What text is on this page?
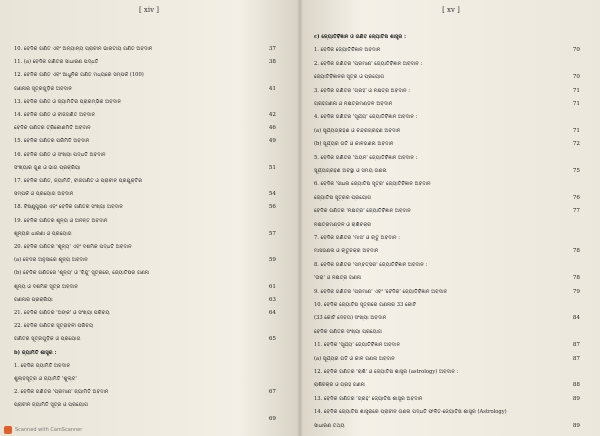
[ xiv ]
10. ବେଦିକ ଗଣିତ ଏବଂ ଅନ୍ୟାନ୍ୟ ପ୍ରାଚୀନ ଭାରତୀୟ ଗଣିତ ଅବଦାନ	37
11. (a) ବେଦିକ ଗଣିତର ସାଧାରଣ ପଦ୍ଧତି	38
12. ବେଦିକ ଗଣିତ ଏବଂ ଆଧୁନିକ ଗଣିତ ମଧ୍ୟରେ ସମ୍ପର୍କ (100)
ଗଣନାର ସୂତ୍ରଗୁଡ଼ିକ ଅବଦାନ	41
13. ବେଦିକ ଗଣିତ ଓ ଜ୍ୟାମିତିର ପ୍ରାରମ୍ଭିକ ଅବଦାନ
14. ବେଦିକ ଗଣିତ ଓ ବୀଜଗଣିତ ଅବଦାନ	42
ବେଦିକ ଗଣିତର ତ୍ରିକୋଣମିତି ଅବଦାନ	46
15. ବେଦିକ ଗଣିତର ପରିମିତି ଅବଦାନ	49
16. ବେଦିକ ଗଣିତ ଓ ସଂଖ୍ୟା ପଦ୍ଧତି ଅବଦାନ
ସଂଖ୍ୟାର ଗୁଣ ଓ ଭାଗ ପ୍ରକ୍ରିୟା	51
17. ବେଦିକ ଗଣିତ, ଜ୍ୟାମିତି, ବୀଜଗଣିତ ଓ ପ୍ରାଚୀନ ପ୍ରଯୁକ୍ତିର
ସମ୍ପର୍କ ଓ ପ୍ରୟୋଗ ଅବଦାନ	54
18. ବିଷ୍ଣୁପୁରାଣ ଏବଂ ବେଦିକ ଗଣିତର ସଂଖ୍ୟା ଅବଦାନ	56
19. ବେଦିକ ଗଣିତର ଶୂନ୍ୟ ଓ ଅନନ୍ତ ଅବଦାନ
ଶୂନ୍ୟର ଧାରଣା ଓ ପ୍ରୟୋଗ	57
20. ବେଦିକ ଗଣିତର 'ଶୂନ୍ୟ' ଏବଂ ଦଶମିକ ପଦ୍ଧତି ଅବଦାନ
(a) ବେଦର ଅନୁସାରେ ଶୂନ୍ୟ ଅବଦାନ	59
(b) ବେଦିକ ଗଣିତରେ 'ଶୂନ୍ୟ' ଓ 'ବିନ୍ଦୁ' ସୂତ୍ରରେ, ଜ୍ୟୋତିଷର ଗଣନା
ଶୂନ୍ୟ ଓ ଦଶମିକ ସୂତ୍ର ଅବଦାନ	61
ଗଣନାର ପ୍ରକ୍ରିୟା	63
21. ବେଦିକ ଗଣିତର 'ଅଙ୍କ' ଓ ସଂଖ୍ୟା ପରିଚୟ	64
22. ବେଦିକ ଗଣିତର ସୂତ୍ରାବଳୀ ପରିଚୟ
ଗଣିତର ସୂତ୍ରଗୁଡ଼ିକ ଓ ପ୍ରୟୋଗ	65
b) ଜ୍ୟାମିତି ଶାସ୍ତ୍ର :
1. ବେଦିକ ଜ୍ୟାମିତି ଅବଦାନ
ଶୁଲ୍ବସୂତ୍ର ଓ ଜ୍ୟାମିତି 'ଶୁଲ୍ବ'
2. ବେଦିକ ଗଣିତର 'ପ୍ରମାଣ' ଜ୍ୟାମିତି ଅବଦାନ	67
ପ୍ରାଚୀନ ଜ୍ୟାମିତି ସୂତ୍ର ଓ ପ୍ରୟୋଗ
69
[ xv ]
c) ଜ୍ୟୋତିର୍ବିଜ୍ଞାନ ଓ ଗଣିତ ଜ୍ୟୋତିଷ ଶାସ୍ତ୍ର :
1. ବେଦିକ ଜ୍ୟୋତିର୍ବିଜ୍ଞାନ ଅବଦାନ	70
2. ବେଦିକ ଗଣିତର 'ପ୍ରମାଣ' ଜ୍ୟୋତିର୍ବିଜ୍ଞାନ ଅବଦାନ :
ଜ୍ୟୋତିର୍ବିଜ୍ଞାନର ସୂତ୍ର ଓ ପ୍ରୟୋଗ	70
3. ବେଦିକ ଗଣିତର 'ଗ୍ରହ' ଓ ନକ୍ଷତ୍ର ଅବଦାନ :	71
ଗ୍ରହଗଣନା ଓ ନକ୍ଷତ୍ରମଣ୍ଡଳ ଅବଦାନ	71
4. ବେଦିକ ଗଣିତର 'ସୂର୍ଯ୍ୟ' ଜ୍ୟୋତିର୍ବିଜ୍ଞାନ ଅବଦାନ :
(a) ସୂର୍ଯ୍ୟଗ୍ରହଣ ଓ ଚନ୍ଦ୍ରଗ୍ରହଣ ଅବଦାନ	71
(b) ସୂର୍ଯ୍ୟର ଗତି ଓ କାଳଗଣନା ଅବଦାନ	72
5. ବେଦିକ ଗଣିତର 'ଅୟନ' ଜ୍ୟୋତିର୍ବିଜ୍ଞାନ ଅବଦାନ :
ସୂର୍ଯ୍ୟଗ୍ରହଣ ଅବସ୍ଥା ଓ ସମୟ ଗଣନା	75
6. ବେଦିକ 'ସାଧନା ଜ୍ୟୋତିଷ ସୂତ୍ର' ଜ୍ୟୋତିର୍ବିଜ୍ଞାନ ଅବଦାନ
ଜ୍ୟୋତିଷ ସୂତ୍ରର ପ୍ରୟୋଗ	76
ବେଦିକ ଗଣିତର 'ନକ୍ଷତ୍ର' ଜ୍ୟୋତିର୍ବିଜ୍ଞାନ ଅବଦାନ	77
ନକ୍ଷତ୍ରମଣ୍ଡଳ ଓ ରାଶିଚକ୍ର
7. ବେଦିକ ଗଣିତର 'ମାସ' ଓ ଋତୁ ଅବଦାନ :
ମାସଗଣନା ଓ ଋତୁଚକ୍ର ଅବଦାନ	78
8. ବେଦିକ ଗଣିତର 'ସମ୍ବତ୍ସର' ଜ୍ୟୋତିର୍ବିଜ୍ଞାନ ଅବଦାନ :
'ତାରା' ଓ ନକ୍ଷତ୍ର ଗଣନା	78
9. ବେଦିକ ଗଣିତର 'ପ୍ରମାଣ' ଏବଂ 'ବୈଦିକ' ଜ୍ୟୋତିର୍ବିଜ୍ଞାନ ଅବଦାନ	79
10. ବେଦିକ ଜ୍ୟୋତିଷ ସୂତ୍ରରେ ଗଣନାର 33 କୋଟି
(33 କୋଟି ଦେବତା) ସଂଖ୍ୟା ଅବଦାନ	84
ବେଦିକ ଗଣିତର ସଂଖ୍ୟା ପ୍ରୟୋଗ
11. ବେଦିକ 'ସୂର୍ଯ୍ୟ' ଜ୍ୟୋତିର୍ବିଜ୍ଞାନ ଅବଦାନ	87
(a) ସୂର୍ଯ୍ୟର ଗତି ଓ କାଳ ଗଣନା ଅବଦାନ	87
12. ବେଦିକ ଗଣିତର 'ରାଶି' ଓ ଜ୍ୟୋତିଷ ଶାସ୍ତ୍ର (astrology) ଅବଦାନ :
ରାଶିଚକ୍ର ଓ ଗ୍ରହ ଗଣନା	88
13. ବେଦିକ ଗଣିତର 'ଗ୍ରହ' ଜ୍ୟୋତିଷ ଶାସ୍ତ୍ର ଅବଦାନ	89
14. ବେଦିକ ଜ୍ୟୋତିଷ ଶାସ୍ତ୍ରରେ ପ୍ରାଚୀନ ଗଣନା ପଦ୍ଧତି ଫଳିତ-ଜ୍ୟୋତିଷ ଶାସ୍ତ୍ର (Astrology)
ସାଧାରଣ ତଥ୍ୟ	89
Scanned with CamScanner
